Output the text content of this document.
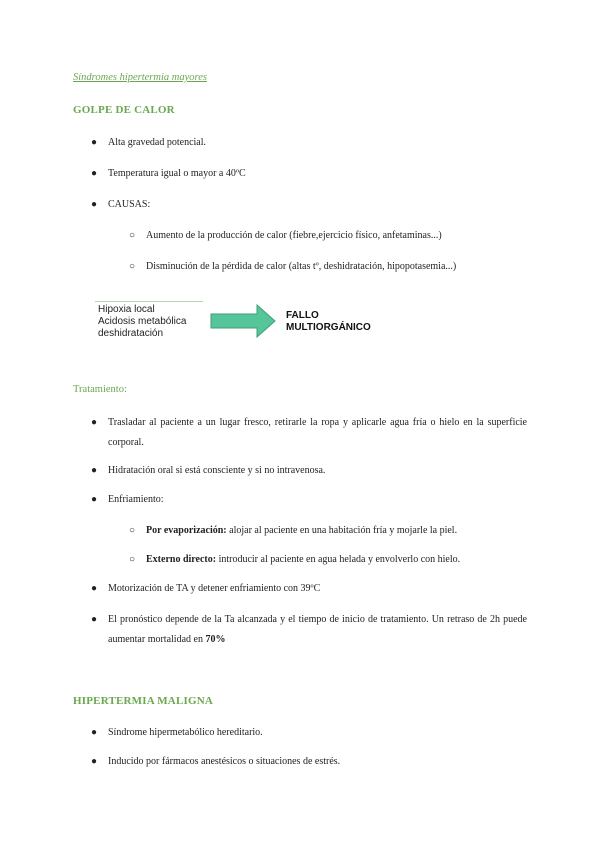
Síndromes hipertermia mayores
GOLPE DE CALOR
● Alta gravedad potencial.
● Temperatura igual o mayor a 40ºC
● CAUSAS:
○ Aumento de la producción de calor (fiebre,ejercicio físico, anfetaminas...)
○ Disminución de la pérdida de calor (altas tº, deshidratación, hipopotasemia...)
Hipoxia local
Acidosis metabólica
deshidratación
FALLO
MULTIORGÁNICO
Tratamiento:
● Trasladar al paciente a un lugar fresco, retirarle la ropa y aplicarle agua fría o hielo en la superficie corporal.
● Hidratación oral si está consciente y si no intravenosa.
● Enfriamiento:
○ Por evaporización: alojar al paciente en una habitación fría y mojarle la piel.
○ Externo directo: introducir al paciente en agua helada y envolverlo con hielo.
● Motorización de TA y detener enfriamiento con 39ºC
● El pronóstico depende de la Ta alcanzada y el tiempo de inicio de tratamiento. Un retraso de 2h puede aumentar mortalidad en 70%
HIPERTERMIA MALIGNA
● Síndrome hipermetabólico hereditario.
● Inducido por fármacos anestésicos o situaciones de estrés.
